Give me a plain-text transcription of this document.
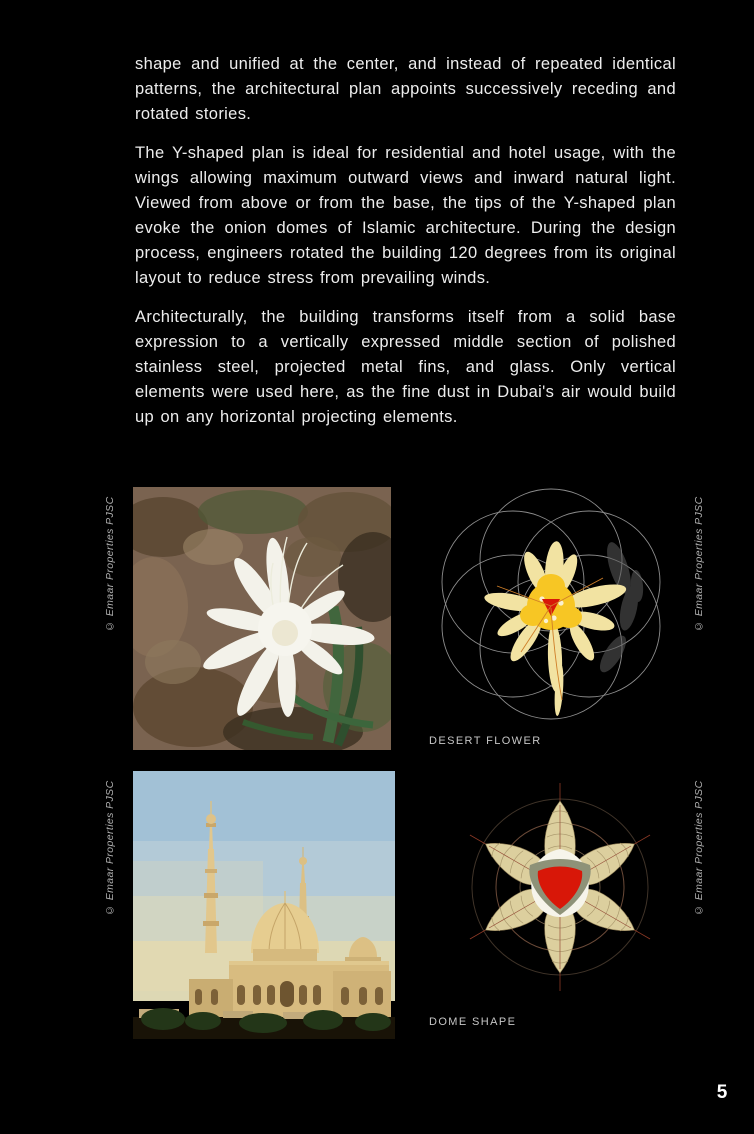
shape and unified at the center, and instead of repeated identical patterns, the architectural plan appoints successively receding and rotated stories.

The Y-shaped plan is ideal for residential and hotel usage, with the wings allowing maximum outward views and inward natural light. Viewed from above or from the base, the tips of the Y-shaped plan evoke the onion domes of Islamic architecture. During the design process, engineers rotated the building 120 degrees from its original layout to reduce stress from prevailing winds.

Architecturally, the building transforms itself from a solid base expression to a vertically expressed middle section of polished stainless steel, projected metal fins, and glass. Only vertical elements were used here, as the fine dust in Dubai's air would build up on any horizontal projecting elements.

DESERT FLOWER
DOME SHAPE
© Emaar Properties PJSC	© Emaar Properties PJSC
© Emaar Properties PJSC	© Emaar Properties PJSC
5
